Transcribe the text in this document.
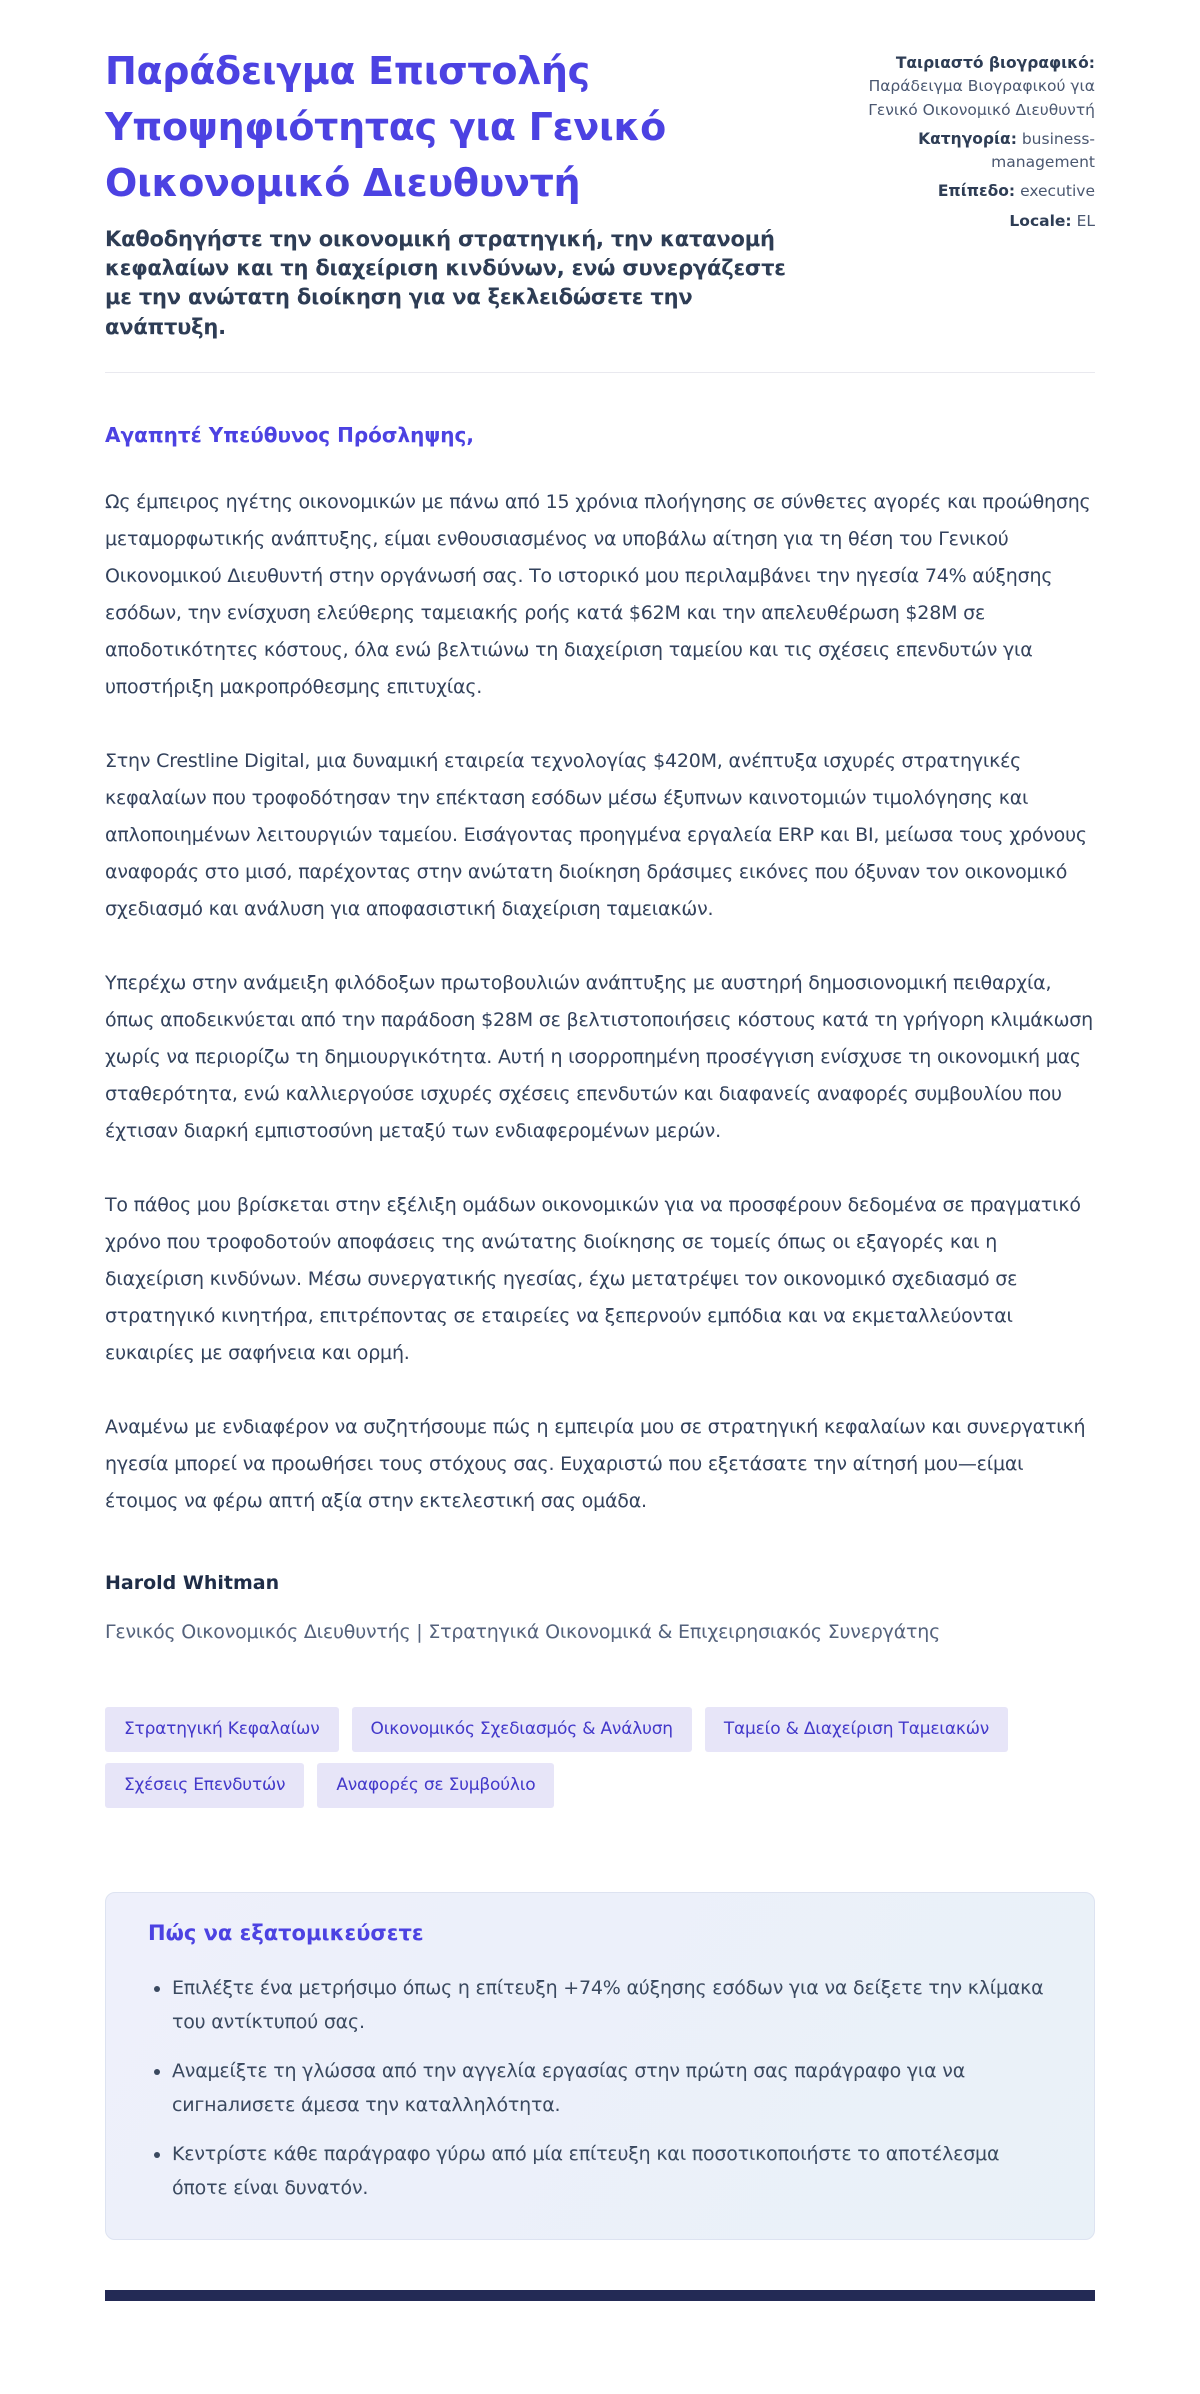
Παράδειγμα Επιστολής Υποψηφιότητας για Γενικό Οικονομικό Διευθυντή

Καθοδηγήστε την οικονομική στρατηγική, την κατανομή κεφαλαίων και τη διαχείριση κινδύνων, ενώ συνεργάζεστε με την ανώτατη διοίκηση για να ξεκλειδώσετε την ανάπτυξη.

Ταιριαστό βιογραφικό: Παράδειγμα Βιογραφικού για Γενικό Οικονομικό Διευθυντή

Κατηγορία: business-management

Επίπεδο: executive

Locale: EL

Αγαπητέ Υπεύθυνος Πρόσληψης,

Ως έμπειρος ηγέτης οικονομικών με πάνω από 15 χρόνια πλοήγησης σε σύνθετες αγορές και προώθησης μεταμορφωτικής ανάπτυξης, είμαι ενθουσιασμένος να υποβάλω αίτηση για τη θέση του Γενικού Οικονομικού Διευθυντή στην οργάνωσή σας. Το ιστορικό μου περιλαμβάνει την ηγεσία 74% αύξησης εσόδων, την ενίσχυση ελεύθερης ταμειακής ροής κατά $62M και την απελευθέρωση $28M σε αποδοτικότητες κόστους, όλα ενώ βελτιώνω τη διαχείριση ταμείου και τις σχέσεις επενδυτών για υποστήριξη μακροπρόθεσμης επιτυχίας.

Στην Crestline Digital, μια δυναμική εταιρεία τεχνολογίας $420M, ανέπτυξα ισχυρές στρατηγικές κεφαλαίων που τροφοδότησαν την επέκταση εσόδων μέσω έξυπνων καινοτομιών τιμολόγησης και απλοποιημένων λειτουργιών ταμείου. Εισάγοντας προηγμένα εργαλεία ERP και BI, μείωσα τους χρόνους αναφοράς στο μισό, παρέχοντας στην ανώτατη διοίκηση δράσιμες εικόνες που όξυναν τον οικονομικό σχεδιασμό και ανάλυση για αποφασιστική διαχείριση ταμειακών.

Υπερέχω στην ανάμειξη φιλόδοξων πρωτοβουλιών ανάπτυξης με αυστηρή δημοσιονομική πειθαρχία, όπως αποδεικνύεται από την παράδοση $28M σε βελτιστοποιήσεις κόστους κατά τη γρήγορη κλιμάκωση χωρίς να περιορίζω τη δημιουργικότητα. Αυτή η ισορροπημένη προσέγγιση ενίσχυσε τη οικονομική μας σταθερότητα, ενώ καλλιεργούσε ισχυρές σχέσεις επενδυτών και διαφανείς αναφορές συμβουλίου που έχτισαν διαρκή εμπιστοσύνη μεταξύ των ενδιαφερομένων μερών.

Το πάθος μου βρίσκεται στην εξέλιξη ομάδων οικονομικών για να προσφέρουν δεδομένα σε πραγματικό χρόνο που τροφοδοτούν αποφάσεις της ανώτατης διοίκησης σε τομείς όπως οι εξαγορές και η διαχείριση κινδύνων. Μέσω συνεργατικής ηγεσίας, έχω μετατρέψει τον οικονομικό σχεδιασμό σε στρατηγικό κινητήρα, επιτρέποντας σε εταιρείες να ξεπερνούν εμπόδια και να εκμεταλλεύονται ευκαιρίες με σαφήνεια και ορμή.

Αναμένω με ενδιαφέρον να συζητήσουμε πώς η εμπειρία μου σε στρατηγική κεφαλαίων και συνεργατική ηγεσία μπορεί να προωθήσει τους στόχους σας. Ευχαριστώ που εξετάσατε την αίτησή μου—είμαι έτοιμος να φέρω απτή αξία στην εκτελεστική σας ομάδα.

Harold Whitman

Γενικός Οικονομικός Διευθυντής | Στρατηγικά Οικονομικά & Επιχειρησιακός Συνεργάτης

Στρατηγική Κεφαλαίων	Οικονομικός Σχεδιασμός & Ανάλυση	Ταμείο & Διαχείριση Ταμειακών
Σχέσεις Επενδυτών	Αναφορές σε Συμβούλιο
Πώς να εξατομικεύσετε
• Επιλέξτε ένα μετρήσιμο όπως η επίτευξη +74% αύξησης εσόδων για να δείξετε την κλίμακα του αντίκτυπού σας.
• Αναμείξτε τη γλώσσα από την αγγελία εργασίας στην πρώτη σας παράγραφο για να сигналиσετε άμεσα την καταλληλότητα.
• Κεντρίστε κάθε παράγραφο γύρω από μία επίτευξη και ποσοτικοποιήστε το αποτέλεσμα όποτε είναι δυνατόν.
